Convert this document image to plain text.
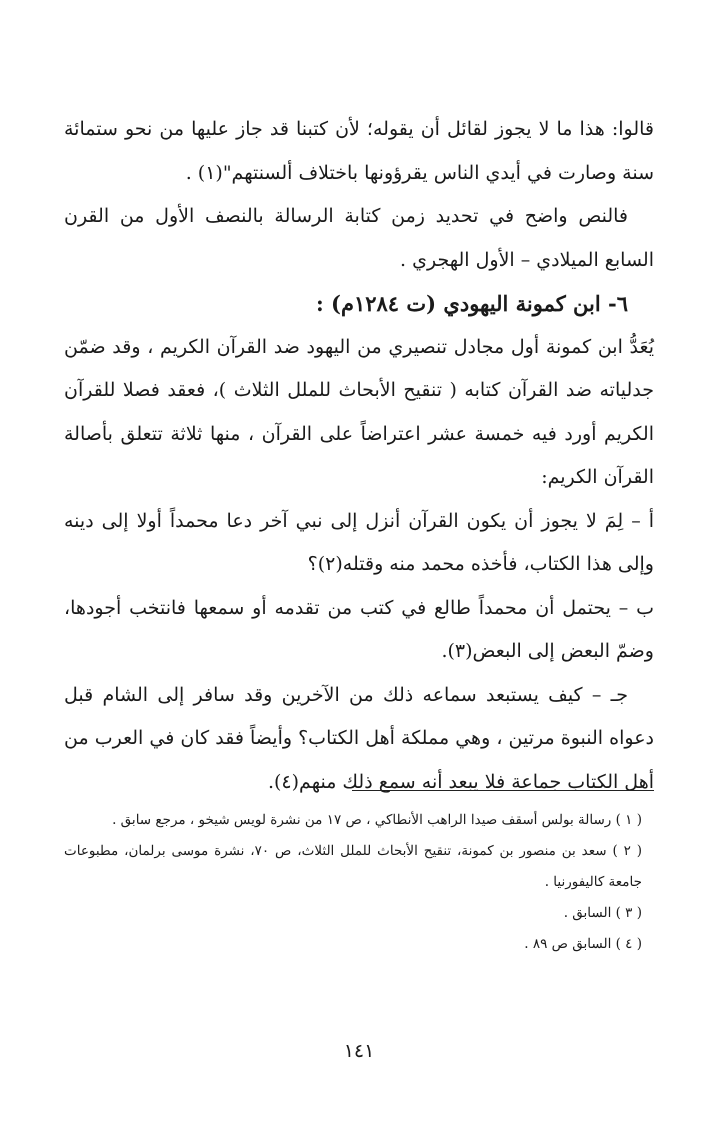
قالوا: هذا ما لا يجوز لقائل أن يقوله؛ لأن كتبنا قد جاز عليها من نحو ستمائة سنة وصارت في أيدي الناس يقرؤونها باختلاف ألسنتهم"(١) .

فالنص واضح في تحديد زمن كتابة الرسالة بالنصف الأول من القرن السابع الميلادي – الأول الهجري .

٦- ابن كمونة اليهودي (ت ١٢٨٤م) :

يُعَدُّ ابن كمونة أول مجادل تنصيري من اليهود ضد القرآن الكريم ، وقد ضمّن جدلياته ضد القرآن كتابه ( تنقيح الأبحاث للملل الثلاث )، فعقد فصلا للقرآن الكريم أورد فيه خمسة عشر اعتراضاً على القرآن ، منها ثلاثة تتعلق بأصالة القرآن الكريم:

أ – لِمَ لا يجوز أن يكون القرآن أنزل إلى نبي آخر دعا محمداً أولا إلى دينه وإلى هذا الكتاب، فأخذه محمد منه وقتله(٢)؟

ب – يحتمل أن محمداً طالع في كتب من تقدمه أو سمعها فانتخب أجودها، وضمّ البعض إلى البعض(٣).

جـ – كيف يستبعد سماعه ذلك من الآخرين وقد سافر إلى الشام قبل دعواه النبوة مرتين ، وهي مملكة أهل الكتاب؟ وأيضاً فقد كان في العرب من أهل الكتاب جماعة فلا يبعد أنه سمع ذلك منهم(٤).

( ١ ) رسالة بولس أسقف صيدا الراهب الأنطاكي ، ص ١٧ من نشرة لويس شيخو ، مرجع سابق .

( ٢ ) سعد بن منصور بن كمونة، تنقيح الأبحاث للملل الثلاث، ص ٧٠، نشرة موسى برلمان، مطبوعات جامعة كاليفورنيا .

( ٣ ) السابق .

( ٤ ) السابق ص ٨٩ .

١٤١
